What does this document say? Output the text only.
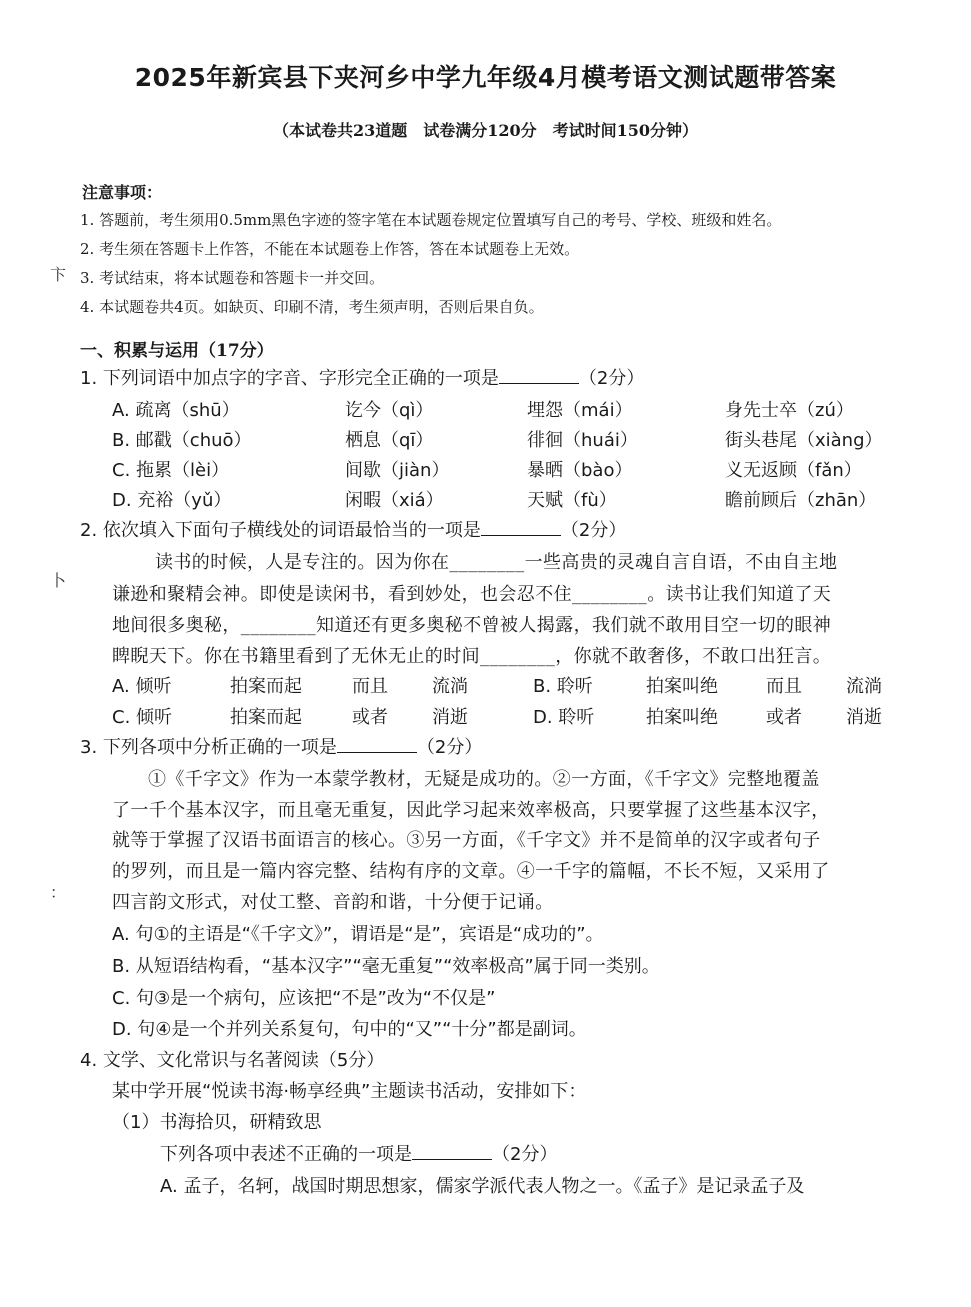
2025年新宾县下夹河乡中学九年级4月模考语文测试题带答案
（本试卷共23道题　试卷满分120分　考试时间150分钟）
注意事项：
1. 答题前，考生须用0.5mm黑色字迹的签字笔在本试题卷规定位置填写自己的考号、学校、班级和姓名。
2. 考生须在答题卡上作答，不能在本试题卷上作答，答在本试题卷上无效。
3. 考试结束，将本试题卷和答题卡一并交回。
4. 本试题卷共4页。如缺页、印刷不清，考生须声明，否则后果自负。
卞
卜
：
一、积累与运用（17分）
1. 下列词语中加点字的字音、字形完全正确的一项是	（2分）
A. 疏离（shū）	讫今（qì）	埋怨（mái）	身先士卒（zú）
B. 邮戳（chuō）	栖息（qī）	徘徊（huái）	街头巷尾（xiàng）
C. 拖累（lèi）	间歇（jiàn）	暴晒（bào）	义无返顾（fǎn）
D. 充裕（yǔ）	闲暇（xiá）	天赋（fù）	瞻前顾后（zhān）
2. 依次填入下面句子横线处的词语最恰当的一项是	（2分）
读书的时候，人是专注的。因为你在________一些高贵的灵魂自言自语，不由自主地
谦逊和聚精会神。即使是读闲书，看到妙处，也会忍不住________。读书让我们知道了天
地间很多奥秘，________知道还有更多奥秘不曾被人揭露，我们就不敢用目空一切的眼神
睥睨天下。你在书籍里看到了无休无止的时间________，你就不敢奢侈，不敢口出狂言。
A. 倾听	拍案而起	而且 流淌	B. 聆听	拍案叫绝	而且 流淌
C. 倾听	拍案而起	或者 消逝	D. 聆听	拍案叫绝	或者 消逝
3. 下列各项中分析正确的一项是	（2分）
①《千字文》作为一本蒙学教材，无疑是成功的。②一方面，《千字文》完整地覆盖
了一千个基本汉字，而且毫无重复，因此学习起来效率极高，只要掌握了这些基本汉字，
就等于掌握了汉语书面语言的核心。③另一方面，《千字文》并不是简单的汉字或者句子
的罗列，而且是一篇内容完整、结构有序的文章。④一千字的篇幅，不长不短，又采用了
四言韵文形式，对仗工整、音韵和谐，十分便于记诵。
A. 句①的主语是“《千字文》”，谓语是“是”，宾语是“成功的”。
B. 从短语结构看，“基本汉字”“毫无重复”“效率极高”属于同一类别。
C. 句③是一个病句，应该把“不是”改为“不仅是”
D. 句④是一个并列关系复句，句中的“又”“十分”都是副词。
4. 文学、文化常识与名著阅读（5分）
某中学开展“悦读书海·畅享经典”主题读书活动，安排如下：
（1）书海拾贝，研精致思
下列各项中表述不正确的一项是	（2分）
A. 孟子，名轲，战国时期思想家，儒家学派代表人物之一。《孟子》是记录孟子及
